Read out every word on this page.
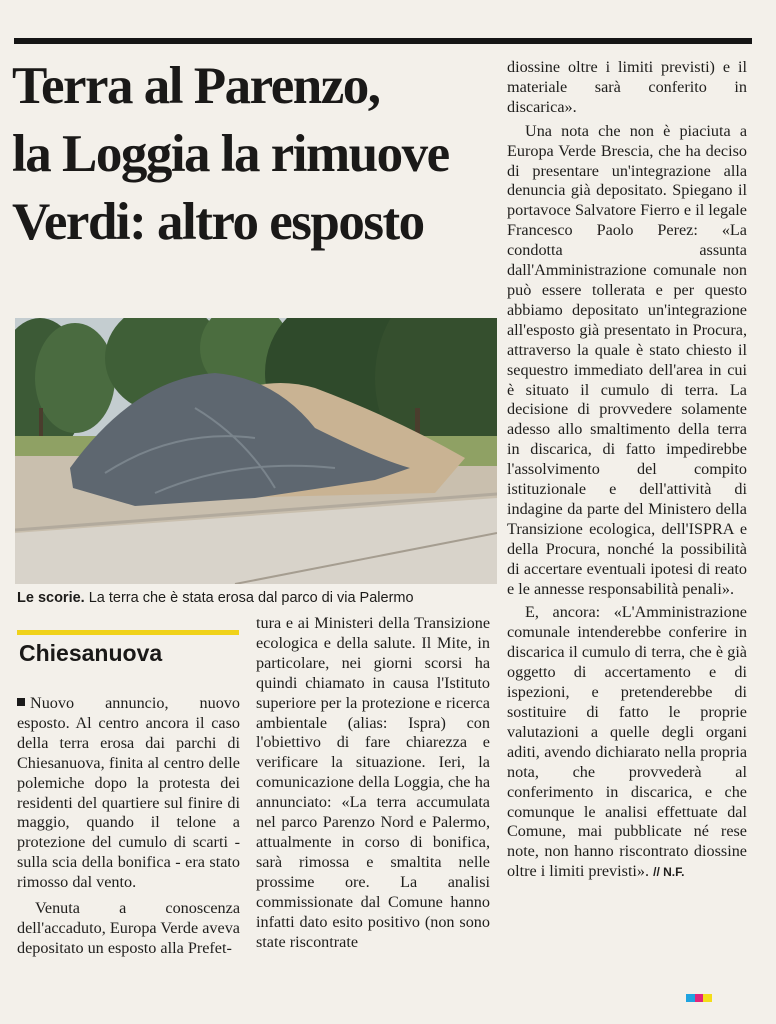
Terra al Parenzo,
la Loggia la rimuove
Verdi: altro esposto
Le scorie. La terra che è stata erosa dal parco di via Palermo
Chiesanuova

Nuovo annuncio, nuovo esposto. Al centro ancora il caso della terra erosa dai parchi di Chiesanuova, finita al centro delle polemiche dopo la protesta dei residenti del quartiere sul finire di maggio, quando il telone a protezione del cumulo di scarti - sulla scia della bonifica - era stato rimosso dal vento.

Venuta a conoscenza dell'accaduto, Europa Verde aveva depositato un esposto alla Prefet-

tura e ai Ministeri della Transizione ecologica e della salute. Il Mite, in particolare, nei giorni scorsi ha quindi chiamato in causa l'Istituto superiore per la protezione e ricerca ambientale (alias: Ispra) con l'obiettivo di fare chiarezza e verificare la situazione. Ieri, la comunicazione della Loggia, che ha annunciato: «La terra accumulata nel parco Parenzo Nord e Palermo, attualmente in corso di bonifica, sarà rimossa e smaltita nelle prossime ore. La analisi commissionate dal Comune hanno infatti dato esito positivo (non sono state riscontrate

diossine oltre i limiti previsti) e il materiale sarà conferito in discarica».

Una nota che non è piaciuta a Europa Verde Brescia, che ha deciso di presentare un'integrazione alla denuncia già depositato. Spiegano il portavoce Salvatore Fierro e il legale Francesco Paolo Perez: «La condotta assunta dall'Amministrazione comunale non può essere tollerata e per questo abbiamo depositato un'integrazione all'esposto già presentato in Procura, attraverso la quale è stato chiesto il sequestro immediato dell'area in cui è situato il cumulo di terra. La decisione di provvedere solamente adesso allo smaltimento della terra in discarica, di fatto impedirebbe l'assolvimento del compito istituzionale e dell'attività di indagine da parte del Ministero della Transizione ecologica, dell'ISPRA e della Procura, nonché la possibilità di accertare eventuali ipotesi di reato e le annesse responsabilità penali».

E, ancora: «L'Amministrazione comunale intenderebbe conferire in discarica il cumulo di terra, che è già oggetto di accertamento e di ispezioni, e pretenderebbe di sostituire di fatto le proprie valutazioni a quelle degli organi aditi, avendo dichiarato nella propria nota, che provvederà al conferimento in discarica, e che comunque le analisi effettuate dal Comune, mai pubblicate né rese note, non hanno riscontrato diossine oltre i limiti previsti». // N.F.
